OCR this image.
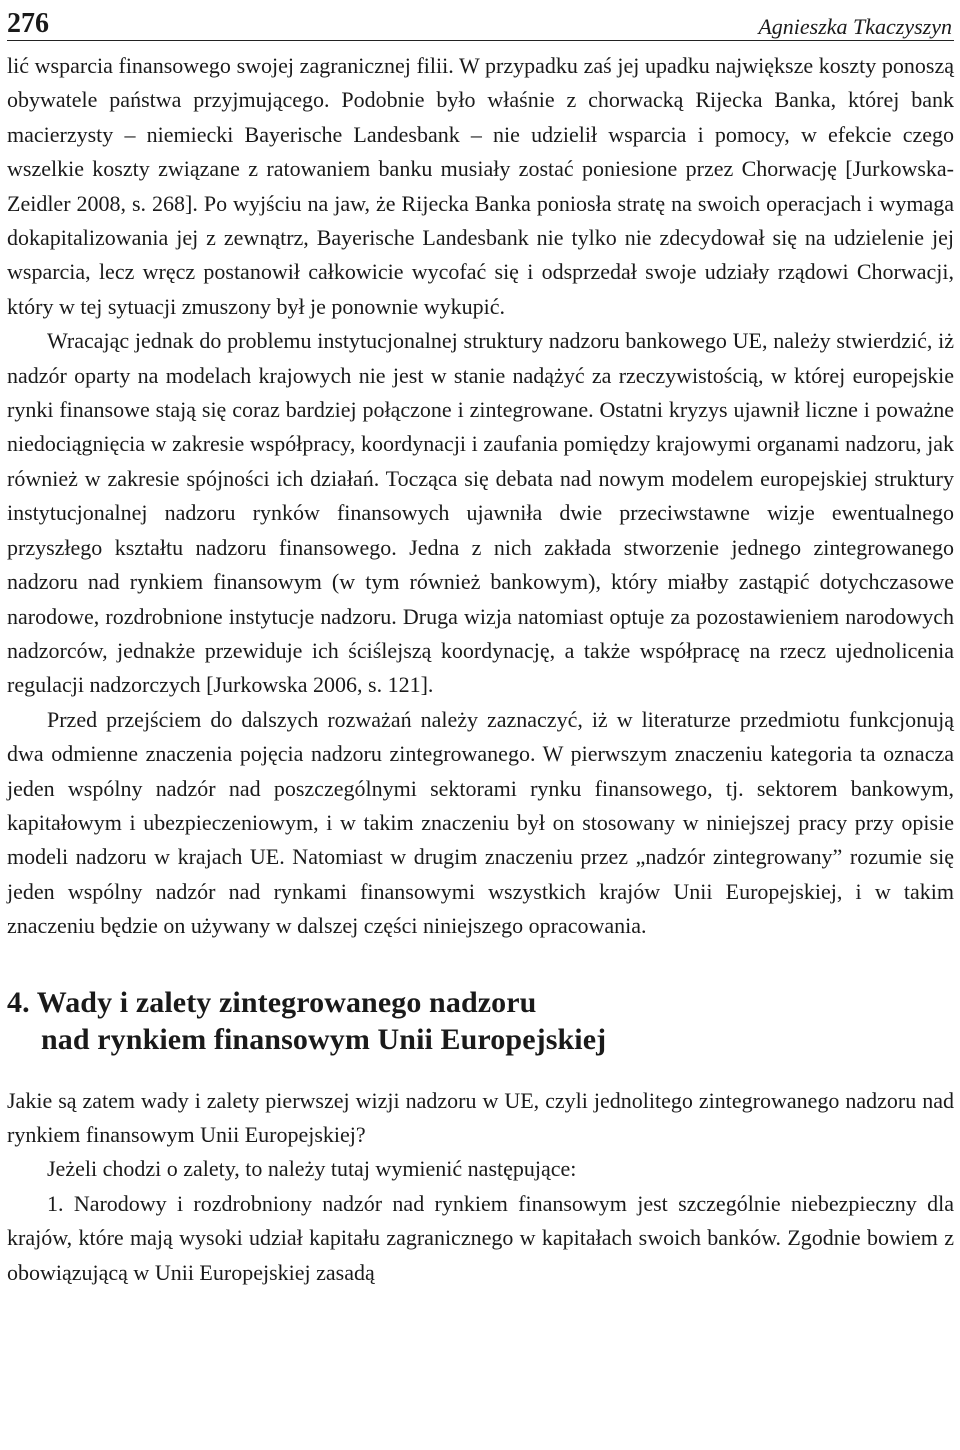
276	Agnieszka Tkaczyszyn

lić wsparcia finansowego swojej zagranicznej filii. W przypadku zaś jej upadku największe koszty ponoszą obywatele państwa przyjmującego. Podobnie było właśnie z chorwacką Rijecka Banka, której bank macierzysty – niemiecki Bayerische Landesbank – nie udzielił wsparcia i pomocy, w efekcie czego wszelkie koszty związane z ratowaniem banku musiały zostać poniesione przez Chorwację [Jurkowska-Zeidler 2008, s. 268]. Po wyjściu na jaw, że Rijecka Banka poniosła stratę na swoich operacjach i wymaga dokapitalizowania jej z zewnątrz, Bayerische Landesbank nie tylko nie zdecydował się na udzielenie jej wsparcia, lecz wręcz postanowił całkowicie wycofać się i odsprzedał swoje udziały rządowi Chorwacji, który w tej sytuacji zmuszony był je ponownie wykupić.

Wracając jednak do problemu instytucjonalnej struktury nadzoru bankowego UE, należy stwierdzić, iż nadzór oparty na modelach krajowych nie jest w stanie nadążyć za rzeczywistością, w której europejskie rynki finansowe stają się coraz bardziej połączone i zintegrowane. Ostatni kryzys ujawnił liczne i poważne niedociągnięcia w zakresie współpracy, koordynacji i zaufania pomiędzy krajowymi organami nadzoru, jak również w zakresie spójności ich działań. Tocząca się debata nad nowym modelem europejskiej struktury instytucjonalnej nadzoru rynków finansowych ujawniła dwie przeciwstawne wizje ewentualnego przyszłego kształtu nadzoru finansowego. Jedna z nich zakłada stworzenie jednego zintegrowanego nadzoru nad rynkiem finansowym (w tym również bankowym), który miałby zastąpić dotychczasowe narodowe, rozdrobnione instytucje nadzoru. Druga wizja natomiast optuje za pozostawieniem narodowych nadzorców, jednakże przewiduje ich ściślejszą koordynację, a także współpracę na rzecz ujednolicenia regulacji nadzorczych [Jurkowska 2006, s. 121].

Przed przejściem do dalszych rozważań należy zaznaczyć, iż w literaturze przedmiotu funkcjonują dwa odmienne znaczenia pojęcia nadzoru zintegrowanego. W pierwszym znaczeniu kategoria ta oznacza jeden wspólny nadzór nad poszczególnymi sektorami rynku finansowego, tj. sektorem bankowym, kapitałowym i ubezpieczeniowym, i w takim znaczeniu był on stosowany w niniejszej pracy przy opisie modeli nadzoru w krajach UE. Natomiast w drugim znaczeniu przez „nadzór zintegrowany” rozumie się jeden wspólny nadzór nad rynkami finansowymi wszystkich krajów Unii Europejskiej, i w takim znaczeniu będzie on używany w dalszej części niniejszego opracowania.

4. Wady i zalety zintegrowanego nadzoru
nad rynkiem finansowym Unii Europejskiej

Jakie są zatem wady i zalety pierwszej wizji nadzoru w UE, czyli jednolitego zintegrowanego nadzoru nad rynkiem finansowym Unii Europejskiej?

Jeżeli chodzi o zalety, to należy tutaj wymienić następujące:

1. Narodowy i rozdrobniony nadzór nad rynkiem finansowym jest szczególnie niebezpieczny dla krajów, które mają wysoki udział kapitału zagranicznego w kapitałach swoich banków. Zgodnie bowiem z obowiązującą w Unii Europejskiej zasadą
